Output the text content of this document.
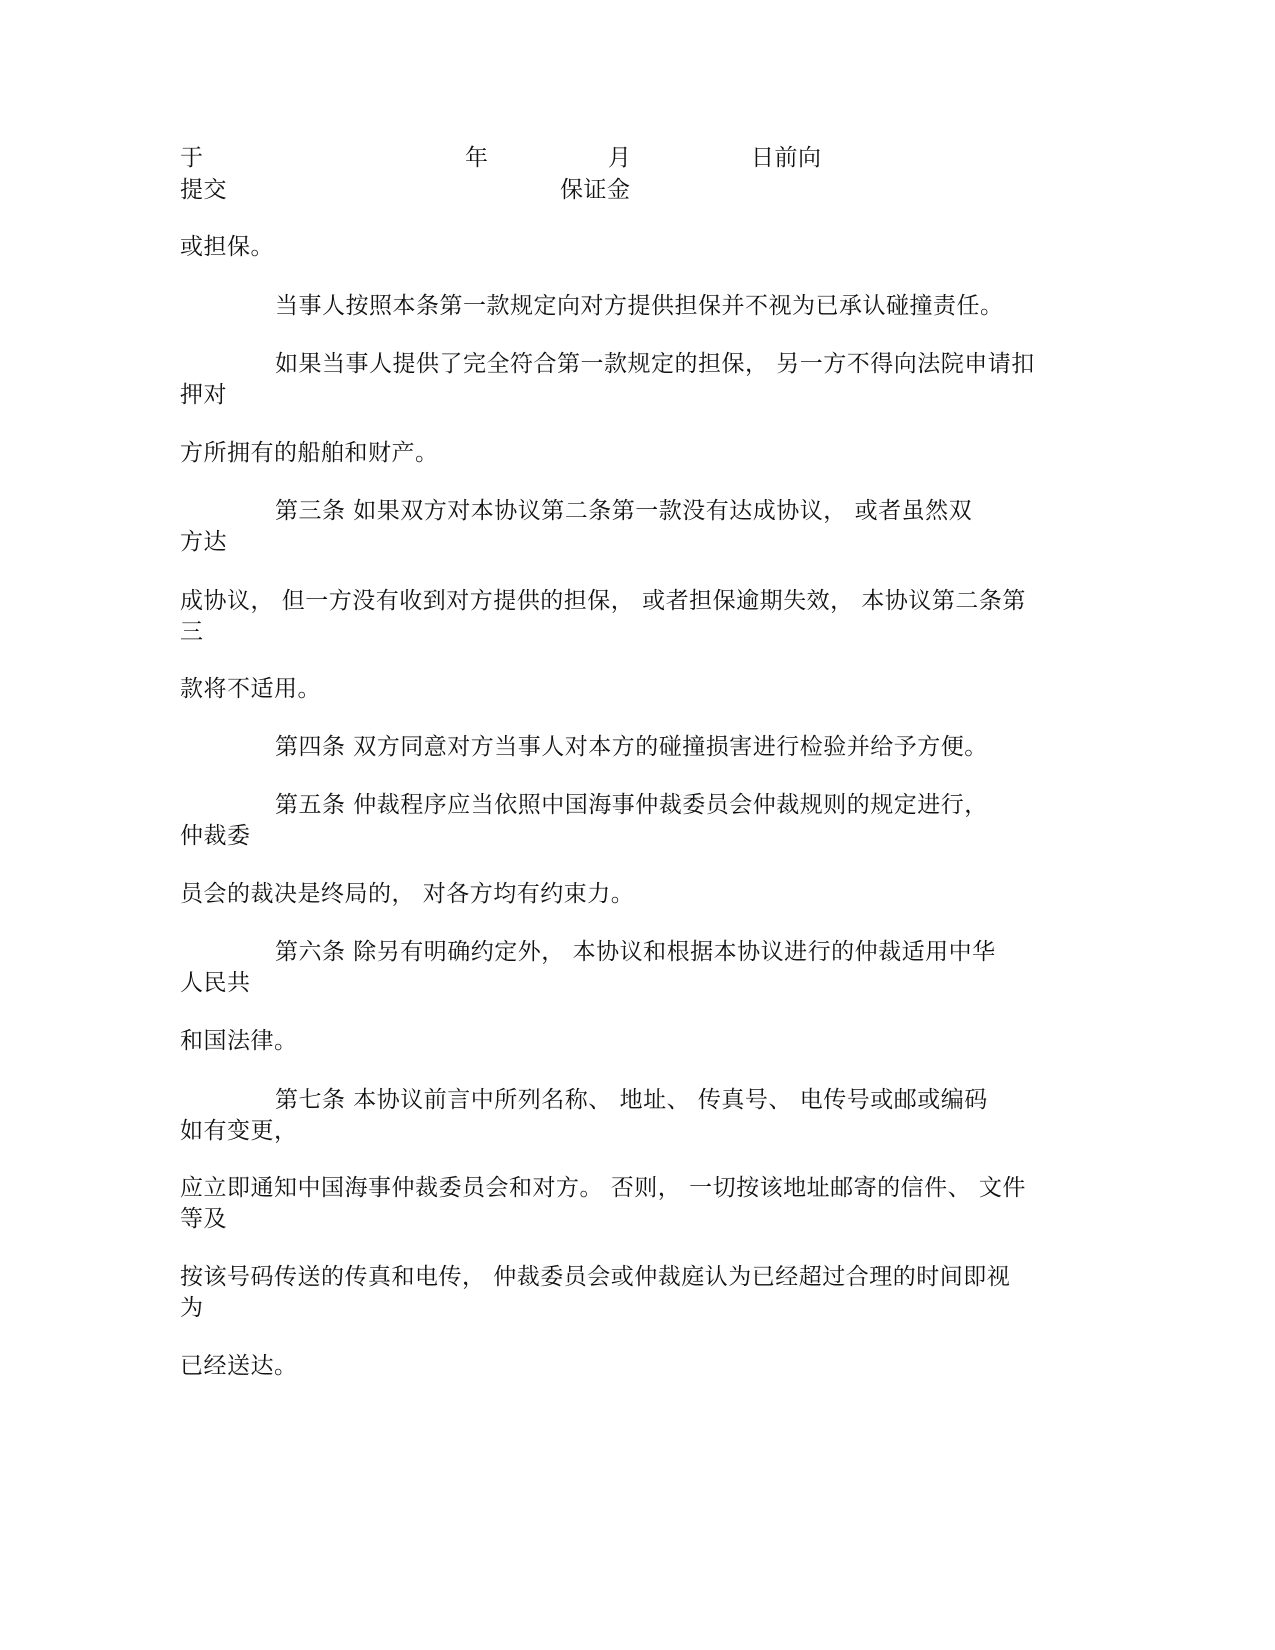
于	年	月	日前向
提交	保证金
或担保。
当事人按照本条第一款规定向对方提供担保并不视为已承认碰撞责任。
如果当事人提供了完全符合第一款规定的担保， 另一方不得向法院申请扣
押对
方所拥有的船舶和财产。
第三条 如果双方对本协议第二条第一款没有达成协议， 或者虽然双
方达
成协议， 但一方没有收到对方提供的担保， 或者担保逾期失效， 本协议第二条第
三
款将不适用。
第四条 双方同意对方当事人对本方的碰撞损害进行检验并给予方便。
第五条 仲裁程序应当依照中国海事仲裁委员会仲裁规则的规定进行，
仲裁委
员会的裁决是终局的， 对各方均有约束力。
第六条 除另有明确约定外， 本协议和根据本协议进行的仲裁适用中华
人民共
和国法律。
第七条 本协议前言中所列名称、 地址、 传真号、 电传号或邮或编码
如有变更，
应立即通知中国海事仲裁委员会和对方。 否则， 一切按该地址邮寄的信件、 文件
等及
按该号码传送的传真和电传， 仲裁委员会或仲裁庭认为已经超过合理的时间即视
为
已经送达。
